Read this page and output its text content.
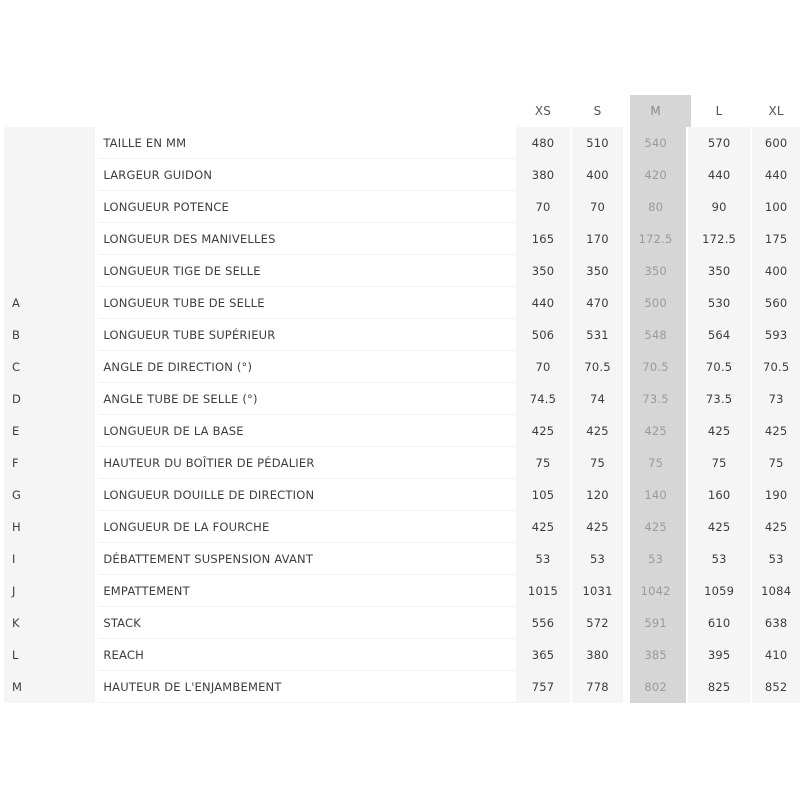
XS	S	M	L	XL
TAILLE EN MM	480	510	540	570	600
LARGEUR GUIDON	380	400	420	440	440
LONGUEUR POTENCE	70	70	80	90	100
LONGUEUR DES MANIVELLES	165	170	172.5	172.5	175
LONGUEUR TIGE DE SELLE	350	350	350	350	400
A	LONGUEUR TUBE DE SELLE	440	470	500	530	560
B	LONGUEUR TUBE SUPÉRIEUR	506	531	548	564	593
C	ANGLE DE DIRECTION (°)	70	70.5	70.5	70.5	70.5
D	ANGLE TUBE DE SELLE (°)	74.5	74	73.5	73.5	73
E	LONGUEUR DE LA BASE	425	425	425	425	425
F	HAUTEUR DU BOÎTIER DE PÉDALIER	75	75	75	75	75
G	LONGUEUR DOUILLE DE DIRECTION	105	120	140	160	190
H	LONGUEUR DE LA FOURCHE	425	425	425	425	425
I	DÉBATTEMENT SUSPENSION AVANT	53	53	53	53	53
J	EMPATTEMENT	1015	1031	1042	1059	1084
K	STACK	556	572	591	610	638
L	REACH	365	380	385	395	410
M	HAUTEUR DE L'ENJAMBEMENT	757	778	802	825	852
